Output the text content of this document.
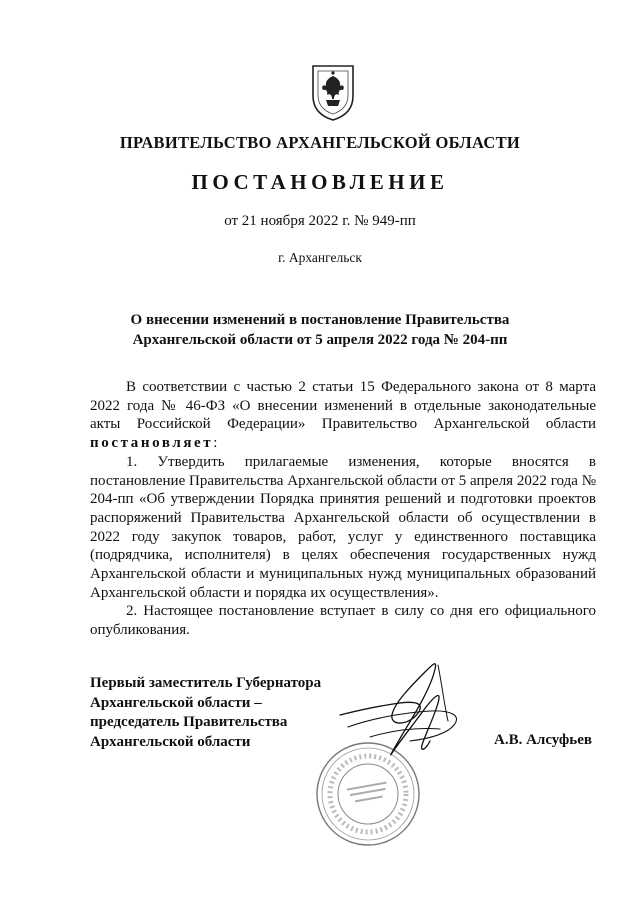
ПРАВИТЕЛЬСТВО АРХАНГЕЛЬСКОЙ ОБЛАСТИ
ПОСТАНОВЛЕНИЕ
от 21 ноября 2022 г. № 949-пп
г. Архангельск
О внесении изменений в постановление Правительства
Архангельской области от 5 апреля 2022 года № 204-пп

В соответствии с частью 2 статьи 15 Федерального закона от 8 марта 2022 года № 46-ФЗ «О внесении изменений в отдельные законодательные акты Российской Федерации» Правительство Архангельской области постановляет:

1. Утвердить прилагаемые изменения, которые вносятся в постановление Правительства Архангельской области от 5 апреля 2022 года № 204-пп «Об утверждении Порядка принятия решений и подготовки проектов распоряжений Правительства Архангельской области об осуществлении в 2022 году закупок товаров, работ, услуг у единственного поставщика (подрядчика, исполнителя) в целях обеспечения государственных нужд Архангельской области и муниципальных нужд муниципальных образований Архангельской области и порядка их осуществления».

2. Настоящее постановление вступает в силу со дня его официального опубликования.

Первый заместитель Губернатора
Архангельской области –
председатель Правительства
Архангельской области	А.В. Алсуфьев
